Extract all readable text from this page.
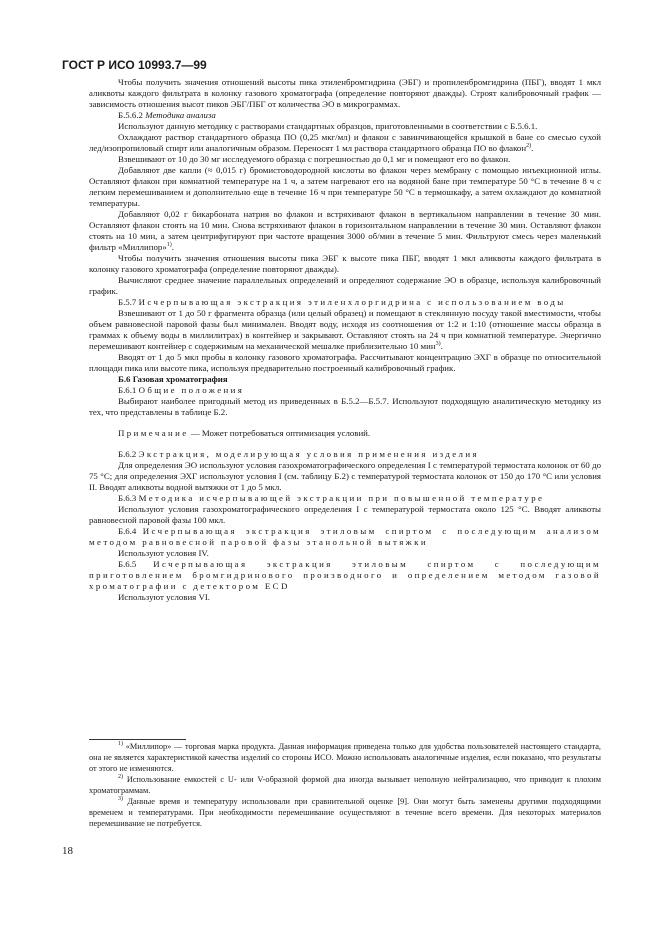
ГОСТ Р ИСО 10993.7—99

Чтобы получить значения отношений высоты пика этиленбромгидрина (ЭБГ) и пропиленбромгидрина (ПБГ), вводят 1 мкл аликвоты каждого фильтрата в колонку газового хроматографа (определение повторяют дважды). Строят калибровочный график — зависимость отношения высот пиков ЭБГ/ПБГ от количества ЭО в микрограммах.

Б.5.6.2 Методика анализа

Используют данную методику с растворами стандартных образцов, приготовленными в соответствии с Б.5.6.1.

Охлаждают раствор стандартного образца ПО (0,25 мкг/мл) и флакон с завинчивающейся крышкой в бане со смесью сухой лед/изопропиловый спирт или аналогичным образом. Переносят 1 мл раствора стандартного образца ПО во флакон$^{2)}$.

Взвешивают от 10 до 30 мг исследуемого образца с погрешностью до 0,1 мг и помещают его во флакон.

Добавляют две капли (≈ 0,015 г) бромистоводородной кислоты во флакон через мембрану с помощью инъекционной иглы. Оставляют флакон при комнатной температуре на 1 ч, а затем нагревают его на водяной бане при температуре 50 °С в течение 8 ч с легким перемешиванием и дополнительно еще в течение 16 ч при температуре 50 °С в термошкафу, а затем охлаждают до комнатной температуры.

Добавляют 0,02 г бикарбоната натрия во флакон и встряхивают флакон в вертикальном направлении в течение 30 мин. Оставляют флакон стоять на 10 мин. Снова встряхивают флакон в горизонтальном направлении в течение 30 мин. Оставляют флакон стоять на 10 мин, а затем центрифугируют при частоте вращения 3000 об/мин в течение 5 мин. Фильтруют смесь через маленький фильтр «Миллипор»$^{1)}$.

Чтобы получить значения отношения высоты пика ЭБГ к высоте пика ПБГ, вводят 1 мкл аликвоты каждого фильтрата в колонку газового хроматографа (определение повторяют дважды).

Вычисляют среднее значение параллельных определений и определяют содержание ЭО в образце, используя калибровочный график.

Б.5.7 Исчерпывающая экстракция этиленхлоргидрина с использованием воды

Взвешивают от 1 до 50 г фрагмента образца (или целый образец) и помещают в стеклянную посуду такой вместимости, чтобы объем равновесной паровой фазы был минимален. Вводят воду, исходя из соотношения от 1:2 и 1:10 (отношение массы образца в граммах к объему воды в миллилитрах) в контейнер и закрывают. Оставляют стоять на 24 ч при комнатной температуре. Энергично перемешивают контейнер с содержимым на механической мешалке приблизительно 10 мин$^{3)}$.

Вводят от 1 до 5 мкл пробы в колонку газового хроматографа. Рассчитывают концентрацию ЭХГ в образце по относительной площади пика или высоте пика, используя предварительно построенный калибровочный график.

Б.6 Газовая хроматография

Б.6.1 Общие положения

Выбирают наиболее пригодный метод из приведенных в Б.5.2—Б.5.7. Используют подходящую аналитическую методику из тех, что представлены в таблице Б.2.

Примечание — Может потребоваться оптимизация условий.

Б.6.2 Экстракция, моделирующая условия применения изделия

Для определения ЭО используют условия газохроматографического определения I с температурой термостата колонок от 60 до 75 °С; для определения ЭХГ используют условия I (см. таблицу Б.2) с температурой термостата колонок от 150 до 170 °С или условия II. Вводят аликвоты водной вытяжки от 1 до 5 мкл.

Б.6.3 Методика исчерпывающей экстракции при повышенной температуре

Используют условия газохроматографического определения I с температурой термостата около 125 °С. Вводят аликвоты равновесной паровой фазы 100 мкл.

Б.6.4 Исчерпывающая экстракция этиловым спиртом с последующим анализом методом равновесной паровой фазы этанольной вытяжки

Используют условия IV.

Б.6.5 Исчерпывающая экстракция этиловым спиртом с последующим приготовлением бромгидринового производного и определением методом газовой хроматографии с детектором ECD

Используют условия VI.

$^{1)}$ «Миллипор» — торговая марка продукта. Данная информация приведена только для удобства пользователей настоящего стандарта, она не является характеристикой качества изделий со стороны ИСО. Можно использовать аналогичные изделия, если показано, что результаты от этого не изменяются.

$^{2)}$ Использование емкостей с U- или V-образной формой дна иногда вызывает неполную нейтрализацию, что приводит к плохим хроматограммам.

$^{3)}$ Данные время и температуру использовали при сравнительной оценке [9]. Они могут быть заменены другими подходящими временем и температурами. При необходимости перемешивание осуществляют в течение всего времени. Для некоторых материалов перемешивание не потребуется.

18
